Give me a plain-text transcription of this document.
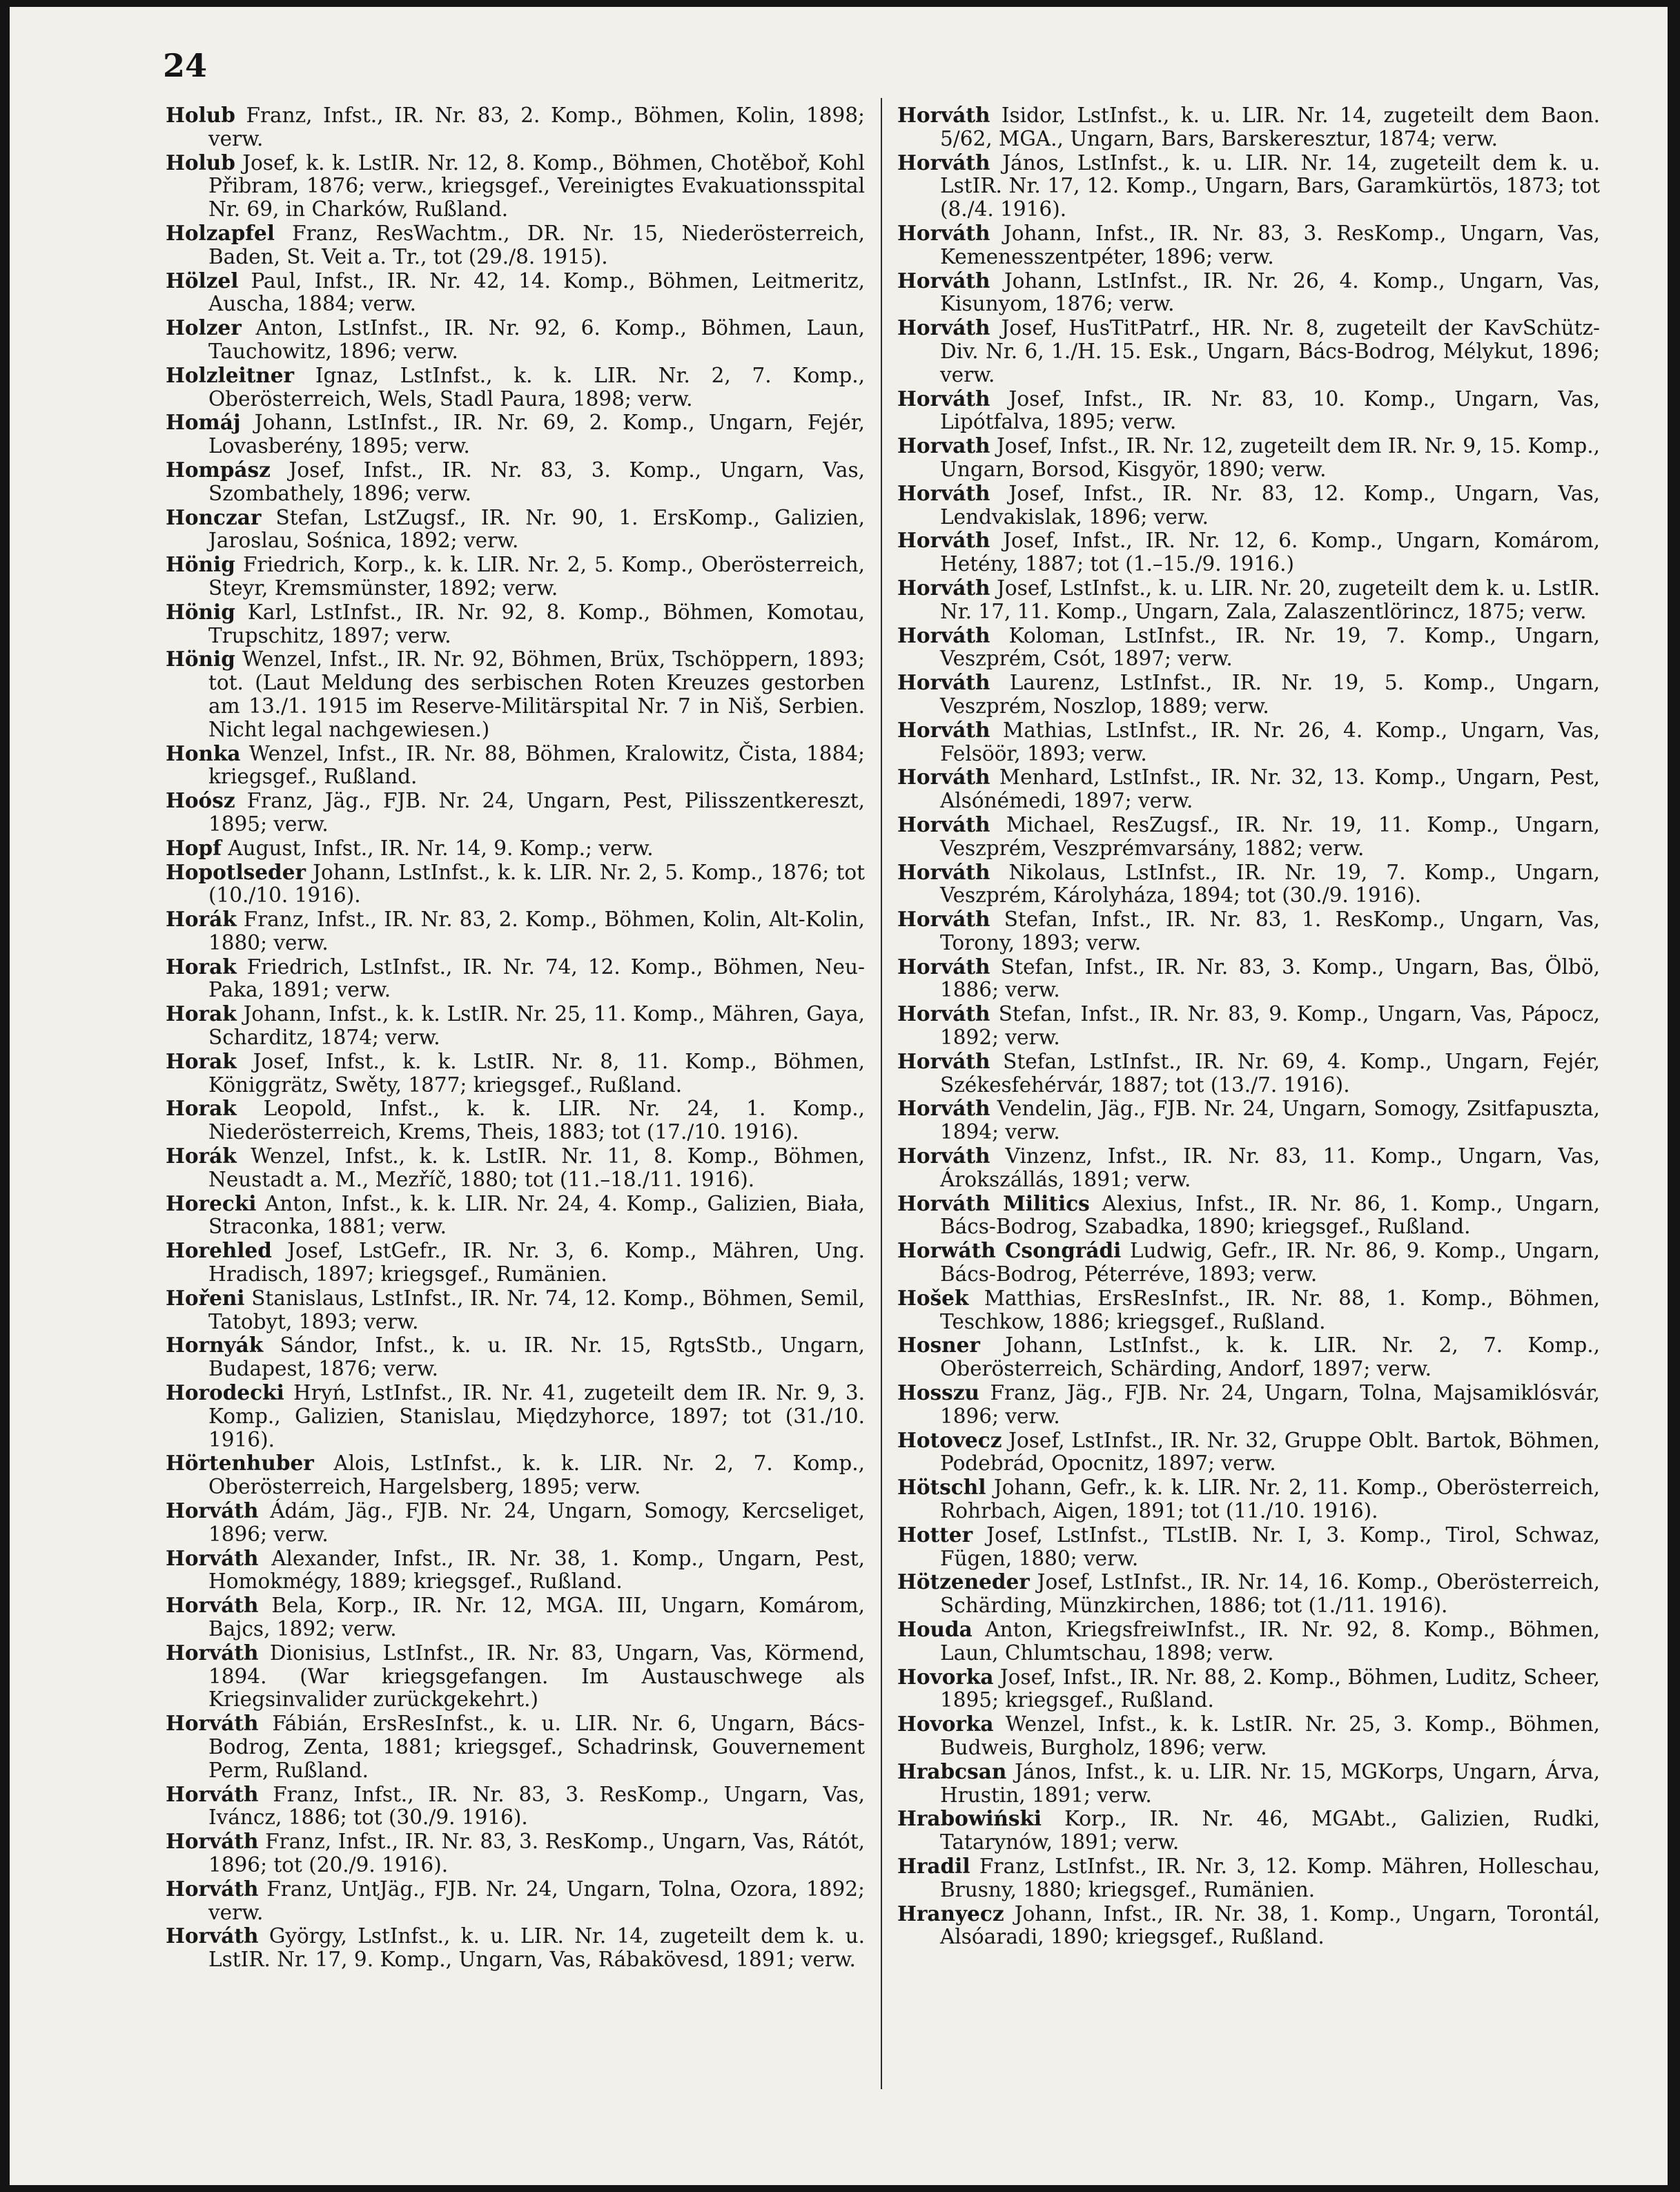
24

Holub Franz, Infst., IR. Nr. 83, 2. Komp., Böhmen, Kolin, 1898; verw.

Holub Josef, k. k. LstIR. Nr. 12, 8. Komp., Böhmen, Chotěboř, Kohl Přibram, 1876; verw., kriegsgef., Vereinigtes Evakuationsspital Nr. 69, in Charków, Rußland.

Holzapfel Franz, ResWachtm., DR. Nr. 15, Niederösterreich, Baden, St. Veit a. Tr., tot (29./8. 1915).

Hölzel Paul, Infst., IR. Nr. 42, 14. Komp., Böhmen, Leitmeritz, Auscha, 1884; verw.

Holzer Anton, LstInfst., IR. Nr. 92, 6. Komp., Böhmen, Laun, Tauchowitz, 1896; verw.

Holzleitner Ignaz, LstInfst., k. k. LIR. Nr. 2, 7. Komp., Oberösterreich, Wels, Stadl Paura, 1898; verw.

Homáj Johann, LstInfst., IR. Nr. 69, 2. Komp., Ungarn, Fejér, Lovasberény, 1895; verw.

Hompász Josef, Infst., IR. Nr. 83, 3. Komp., Ungarn, Vas, Szombathely, 1896; verw.

Honczar Stefan, LstZugsf., IR. Nr. 90, 1. ErsKomp., Galizien, Jaroslau, Sośnica, 1892; verw.

Hönig Friedrich, Korp., k. k. LIR. Nr. 2, 5. Komp., Oberösterreich, Steyr, Kremsmünster, 1892; verw.

Hönig Karl, LstInfst., IR. Nr. 92, 8. Komp., Böhmen, Komotau, Trupschitz, 1897; verw.

Hönig Wenzel, Infst., IR. Nr. 92, Böhmen, Brüx, Tschöppern, 1893; tot. (Laut Meldung des serbischen Roten Kreuzes gestorben am 13./1. 1915 im Reserve-Militärspital Nr. 7 in Niš, Serbien. Nicht legal nachgewiesen.)

Honka Wenzel, Infst., IR. Nr. 88, Böhmen, Kralowitz, Čista, 1884; kriegsgef., Rußland.

Hoósz Franz, Jäg., FJB. Nr. 24, Ungarn, Pest, Pilisszentkereszt, 1895; verw.

Hopf August, Infst., IR. Nr. 14, 9. Komp.; verw.

Hopotlseder Johann, LstInfst., k. k. LIR. Nr. 2, 5. Komp., 1876; tot (10./10. 1916).

Horák Franz, Infst., IR. Nr. 83, 2. Komp., Böhmen, Kolin, Alt-Kolin, 1880; verw.

Horak Friedrich, LstInfst., IR. Nr. 74, 12. Komp., Böhmen, Neu-Paka, 1891; verw.

Horak Johann, Infst., k. k. LstIR. Nr. 25, 11. Komp., Mähren, Gaya, Scharditz, 1874; verw.

Horak Josef, Infst., k. k. LstIR. Nr. 8, 11. Komp., Böhmen, Königgrätz, Swěty, 1877; kriegsgef., Rußland.

Horak Leopold, Infst., k. k. LIR. Nr. 24, 1. Komp., Niederösterreich, Krems, Theis, 1883; tot (17./10. 1916).

Horák Wenzel, Infst., k. k. LstIR. Nr. 11, 8. Komp., Böhmen, Neustadt a. M., Mezříč, 1880; tot (11.–18./11. 1916).

Horecki Anton, Infst., k. k. LIR. Nr. 24, 4. Komp., Galizien, Biała, Straconka, 1881; verw.

Horehled Josef, LstGefr., IR. Nr. 3, 6. Komp., Mähren, Ung. Hradisch, 1897; kriegsgef., Rumänien.

Hořeni Stanislaus, LstInfst., IR. Nr. 74, 12. Komp., Böhmen, Semil, Tatobyt, 1893; verw.

Hornyák Sándor, Infst., k. u. IR. Nr. 15, RgtsStb., Ungarn, Budapest, 1876; verw.

Horodecki Hryń, LstInfst., IR. Nr. 41, zugeteilt dem IR. Nr. 9, 3. Komp., Galizien, Stanislau, Międzyhorce, 1897; tot (31./10. 1916).

Hörtenhuber Alois, LstInfst., k. k. LIR. Nr. 2, 7. Komp., Oberösterreich, Hargelsberg, 1895; verw.

Horváth Ádám, Jäg., FJB. Nr. 24, Ungarn, Somogy, Kercseliget, 1896; verw.

Horváth Alexander, Infst., IR. Nr. 38, 1. Komp., Ungarn, Pest, Homokmégy, 1889; kriegsgef., Rußland.

Horváth Bela, Korp., IR. Nr. 12, MGA. III, Ungarn, Komárom, Bajcs, 1892; verw.

Horváth Dionisius, LstInfst., IR. Nr. 83, Ungarn, Vas, Körmend, 1894. (War kriegsgefangen. Im Austauschwege als Kriegsinvalider zurückgekehrt.)

Horváth Fábián, ErsResInfst., k. u. LIR. Nr. 6, Ungarn, Bács-Bodrog, Zenta, 1881; kriegsgef., Schadrinsk, Gouvernement Perm, Rußland.

Horváth Franz, Infst., IR. Nr. 83, 3. ResKomp., Ungarn, Vas, Iváncz, 1886; tot (30./9. 1916).

Horváth Franz, Infst., IR. Nr. 83, 3. ResKomp., Ungarn, Vas, Rátót, 1896; tot (20./9. 1916).

Horváth Franz, UntJäg., FJB. Nr. 24, Ungarn, Tolna, Ozora, 1892; verw.

Horváth György, LstInfst., k. u. LIR. Nr. 14, zugeteilt dem k. u. LstIR. Nr. 17, 9. Komp., Ungarn, Vas, Rábakövesd, 1891; verw.

Horváth Isidor, LstInfst., k. u. LIR. Nr. 14, zugeteilt dem Baon. 5/62, MGA., Ungarn, Bars, Barskeresztur, 1874; verw.

Horváth János, LstInfst., k. u. LIR. Nr. 14, zugeteilt dem k. u. LstIR. Nr. 17, 12. Komp., Ungarn, Bars, Garamkürtös, 1873; tot (8./4. 1916).

Horváth Johann, Infst., IR. Nr. 83, 3. ResKomp., Ungarn, Vas, Kemenesszentpéter, 1896; verw.

Horváth Johann, LstInfst., IR. Nr. 26, 4. Komp., Ungarn, Vas, Kisunyom, 1876; verw.

Horváth Josef, HusTitPatrf., HR. Nr. 8, zugeteilt der KavSchütz-Div. Nr. 6, 1./H. 15. Esk., Ungarn, Bács-Bodrog, Mélykut, 1896; verw.

Horváth Josef, Infst., IR. Nr. 83, 10. Komp., Ungarn, Vas, Lipótfalva, 1895; verw.

Horvath Josef, Infst., IR. Nr. 12, zugeteilt dem IR. Nr. 9, 15. Komp., Ungarn, Borsod, Kisgyör, 1890; verw.

Horváth Josef, Infst., IR. Nr. 83, 12. Komp., Ungarn, Vas, Lendvakislak, 1896; verw.

Horváth Josef, Infst., IR. Nr. 12, 6. Komp., Ungarn, Komárom, Hetény, 1887; tot (1.–15./9. 1916.)

Horváth Josef, LstInfst., k. u. LIR. Nr. 20, zugeteilt dem k. u. LstIR. Nr. 17, 11. Komp., Ungarn, Zala, Zalaszentlörincz, 1875; verw.

Horváth Koloman, LstInfst., IR. Nr. 19, 7. Komp., Ungarn, Veszprém, Csót, 1897; verw.

Horváth Laurenz, LstInfst., IR. Nr. 19, 5. Komp., Ungarn, Veszprém, Noszlop, 1889; verw.

Horváth Mathias, LstInfst., IR. Nr. 26, 4. Komp., Ungarn, Vas, Felsöör, 1893; verw.

Horváth Menhard, LstInfst., IR. Nr. 32, 13. Komp., Ungarn, Pest, Alsónémedi, 1897; verw.

Horváth Michael, ResZugsf., IR. Nr. 19, 11. Komp., Ungarn, Veszprém, Veszprémvarsány, 1882; verw.

Horváth Nikolaus, LstInfst., IR. Nr. 19, 7. Komp., Ungarn, Veszprém, Károlyháza, 1894; tot (30./9. 1916).

Horváth Stefan, Infst., IR. Nr. 83, 1. ResKomp., Ungarn, Vas, Torony, 1893; verw.

Horváth Stefan, Infst., IR. Nr. 83, 3. Komp., Ungarn, Bas, Ölbö, 1886; verw.

Horváth Stefan, Infst., IR. Nr. 83, 9. Komp., Ungarn, Vas, Pápocz, 1892; verw.

Horváth Stefan, LstInfst., IR. Nr. 69, 4. Komp., Ungarn, Fejér, Székesfehérvár, 1887; tot (13./7. 1916).

Horváth Vendelin, Jäg., FJB. Nr. 24, Ungarn, Somogy, Zsitfapuszta, 1894; verw.

Horváth Vinzenz, Infst., IR. Nr. 83, 11. Komp., Ungarn, Vas, Árokszállás, 1891; verw.

Horváth Militics Alexius, Infst., IR. Nr. 86, 1. Komp., Ungarn, Bács-Bodrog, Szabadka, 1890; kriegsgef., Rußland.

Horwáth Csongrádi Ludwig, Gefr., IR. Nr. 86, 9. Komp., Ungarn, Bács-Bodrog, Péterréve, 1893; verw.

Hošek Matthias, ErsResInfst., IR. Nr. 88, 1. Komp., Böhmen, Teschkow, 1886; kriegsgef., Rußland.

Hosner Johann, LstInfst., k. k. LIR. Nr. 2, 7. Komp., Oberösterreich, Schärding, Andorf, 1897; verw.

Hosszu Franz, Jäg., FJB. Nr. 24, Ungarn, Tolna, Majsamiklósvár, 1896; verw.

Hotovecz Josef, LstInfst., IR. Nr. 32, Gruppe Oblt. Bartok, Böhmen, Podebrád, Opocnitz, 1897; verw.

Hötschl Johann, Gefr., k. k. LIR. Nr. 2, 11. Komp., Oberösterreich, Rohrbach, Aigen, 1891; tot (11./10. 1916).

Hotter Josef, LstInfst., TLstIB. Nr. I, 3. Komp., Tirol, Schwaz, Fügen, 1880; verw.

Hötzeneder Josef, LstInfst., IR. Nr. 14, 16. Komp., Oberösterreich, Schärding, Münzkirchen, 1886; tot (1./11. 1916).

Houda Anton, KriegsfreiwInfst., IR. Nr. 92, 8. Komp., Böhmen, Laun, Chlumtschau, 1898; verw.

Hovorka Josef, Infst., IR. Nr. 88, 2. Komp., Böhmen, Luditz, Scheer, 1895; kriegsgef., Rußland.

Hovorka Wenzel, Infst., k. k. LstIR. Nr. 25, 3. Komp., Böhmen, Budweis, Burgholz, 1896; verw.

Hrabcsan János, Infst., k. u. LIR. Nr. 15, MGKorps, Ungarn, Árva, Hrustin, 1891; verw.

Hrabowiński Korp., IR. Nr. 46, MGAbt., Galizien, Rudki, Tatarynów, 1891; verw.

Hradil Franz, LstInfst., IR. Nr. 3, 12. Komp. Mähren, Holleschau, Brusny, 1880; kriegsgef., Rumänien.

Hranyecz Johann, Infst., IR. Nr. 38, 1. Komp., Ungarn, Torontál, Alsóaradi, 1890; kriegsgef., Rußland.
